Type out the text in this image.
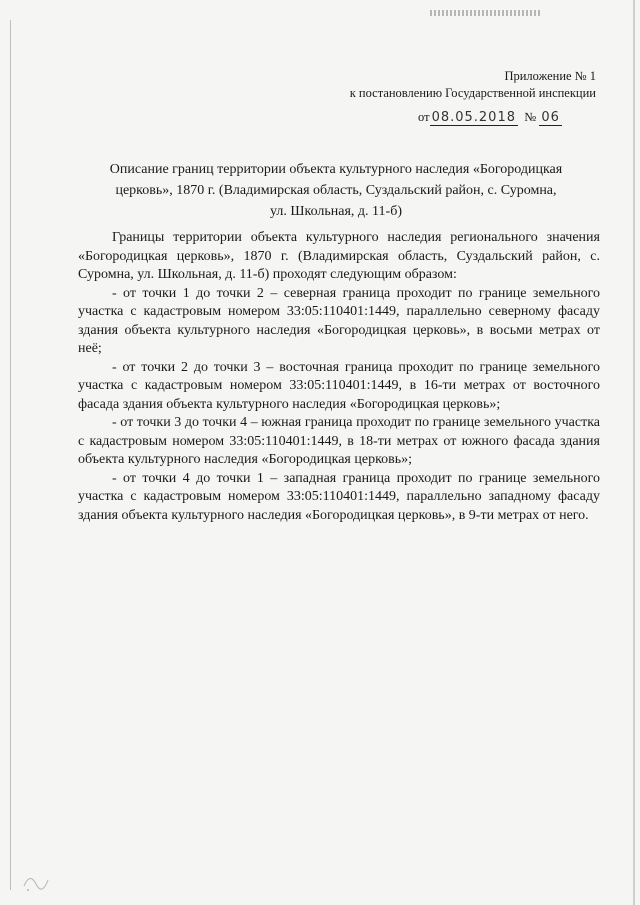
Приложение № 1
к постановлению Государственной инспекции
от 08.05.2018 № 06
Описание границ территории объекта культурного наследия «Богородицкая
церковь», 1870 г. (Владимирская область, Суздальский район, с. Суромна,
ул. Школьная, д. 11-б)

Границы территории объекта культурного наследия регионального значения «Богородицкая церковь», 1870 г. (Владимирская область, Суздальский район, с. Суромна, ул. Школьная, д. 11-б) проходят следующим образом:

- от точки 1 до точки 2 – северная граница проходит по границе земельного участка с кадастровым номером 33:05:110401:1449, параллельно северному фасаду здания объекта культурного наследия «Богородицкая церковь», в восьми метрах от неё;

- от точки 2 до точки 3 – восточная граница проходит по границе земельного участка с кадастровым номером 33:05:110401:1449, в 16-ти метрах от восточного фасада здания объекта культурного наследия «Богородицкая церковь»;

- от точки 3 до точки 4 – южная граница проходит по границе земельного участка с кадастровым номером 33:05:110401:1449, в 18-ти метрах от южного фасада здания объекта культурного наследия «Богородицкая церковь»;

- от точки 4 до точки 1 – западная граница проходит по границе земельного участка с кадастровым номером 33:05:110401:1449, параллельно западному фасаду здания объекта культурного наследия «Богородицкая церковь», в 9-ти метрах от него.
